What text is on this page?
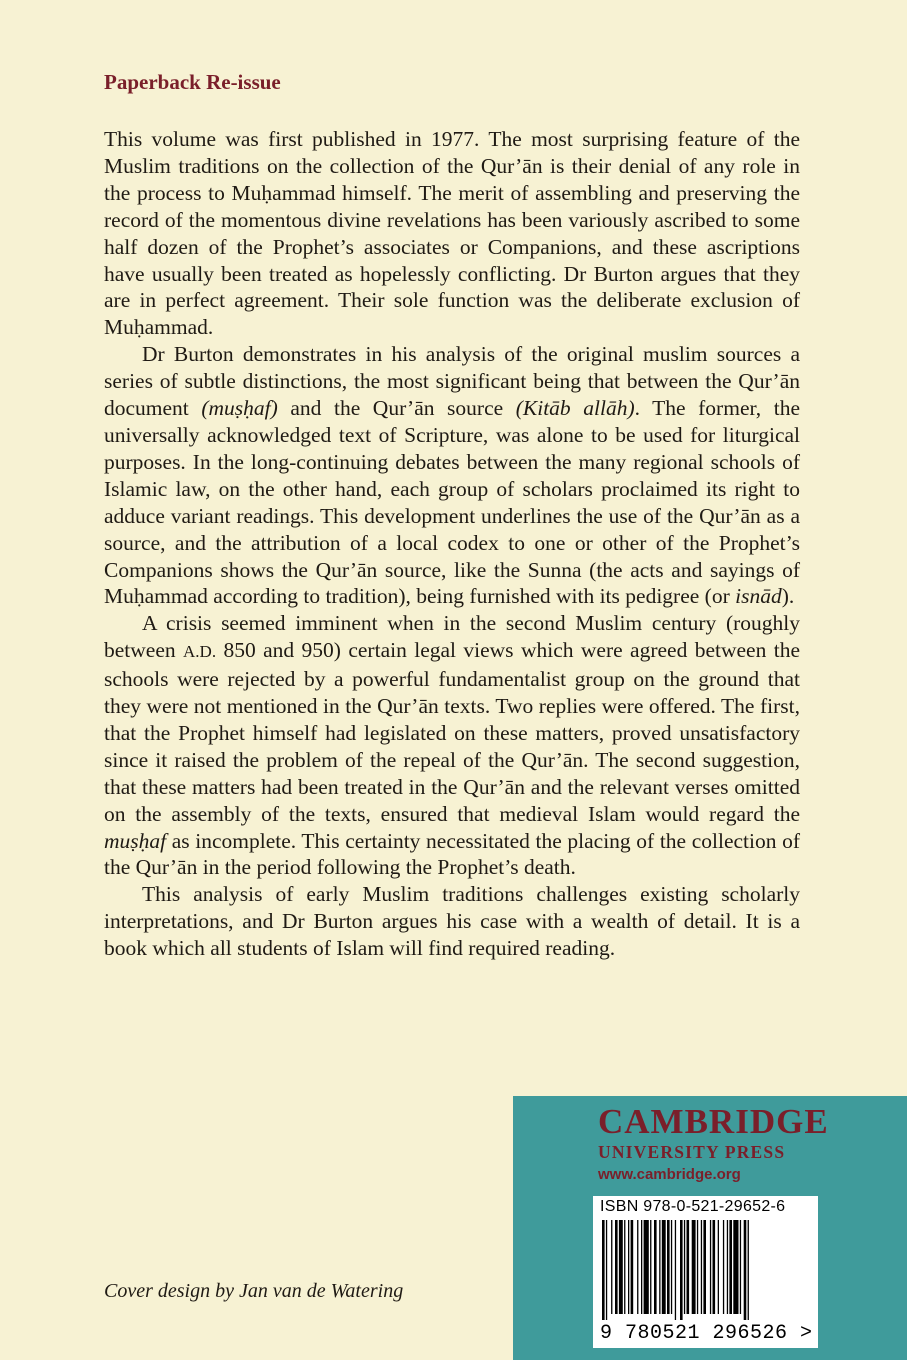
Paperback Re-issue

This volume was first published in 1977. The most surprising feature of the Muslim traditions on the collection of the Qur’ān is their denial of any role in the process to Muḥammad himself. The merit of assembling and preserving the record of the momentous divine revelations has been variously ascribed to some half dozen of the Prophet’s associates or Companions, and these ascriptions have usually been treated as hopelessly conflicting. Dr Burton argues that they are in perfect agreement. Their sole function was the deliberate exclusion of Muḥammad.

Dr Burton demonstrates in his analysis of the original muslim sources a series of subtle distinctions, the most significant being that between the Qur’ān document (muṣḥaf) and the Qur’ān source (Kitāb allāh). The former, the universally acknowledged text of Scripture, was alone to be used for liturgical purposes. In the long-continuing debates between the many regional schools of Islamic law, on the other hand, each group of scholars proclaimed its right to adduce variant readings. This development underlines the use of the Qur’ān as a source, and the attribution of a local codex to one or other of the Prophet’s Companions shows the Qur’ān source, like the Sunna (the acts and sayings of Muḥammad according to tradition), being furnished with its pedigree (or isnād).

A crisis seemed imminent when in the second Muslim century (roughly between A.D. 850 and 950) certain legal views which were agreed between the schools were rejected by a powerful fundamentalist group on the ground that they were not mentioned in the Qur’ān texts. Two replies were offered. The first, that the Prophet himself had legislated on these matters, proved unsatisfactory since it raised the problem of the repeal of the Qur’ān. The second suggestion, that these matters had been treated in the Qur’ān and the relevant verses omitted on the assembly of the texts, ensured that medieval Islam would regard the muṣḥaf as incomplete. This certainty necessitated the placing of the collection of the Qur’ān in the period following the Prophet’s death.

This analysis of early Muslim traditions challenges existing scholarly interpretations, and Dr Burton argues his case with a wealth of detail. It is a book which all students of Islam will find required reading.

Cover design by Jan van de Watering
CAMBRIDGE
UNIVERSITY PRESS
www.cambridge.org
ISBN 978-0-521-29652-6
9 780521 296526 >
